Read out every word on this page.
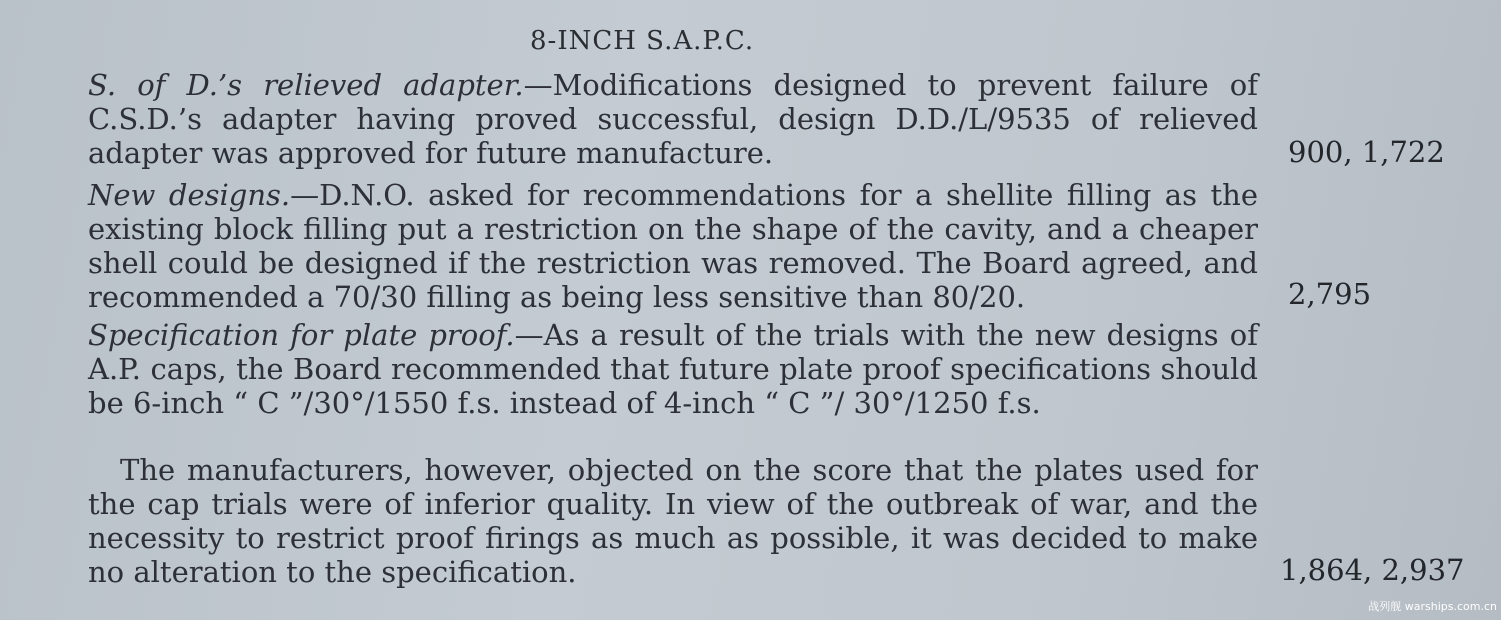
8-INCH S.A.P.C.

S. of D.’s relieved adapter.—Modifications designed to prevent failure of C.S.D.’s adapter having proved successful, design D.D./L/9535 of relieved adapter was approved for future manufacture.	900, 1,722

New designs.—D.N.O. asked for recommendations for a shellite filling as the existing block filling put a restriction on the shape of the cavity, and a cheaper shell could be designed if the restriction was removed. The Board agreed, and recommended a 70/30 filling as being less sensitive than 80/20.	2,795

Specification for plate proof.—As a result of the trials with the new designs of A.P. caps, the Board recommended that future plate proof specifications should be 6-inch “ C ”/30°/1550 f.s. instead of 4-inch “ C ”/ 30°/1250 f.s.

The manufacturers, however, objected on the score that the plates used for the cap trials were of inferior quality. In view of the outbreak of war, and the necessity to restrict proof firings as much as possible, it was decided to make no alteration to the specification.	1,864, 2,937
战列舰 warships.com.cn
